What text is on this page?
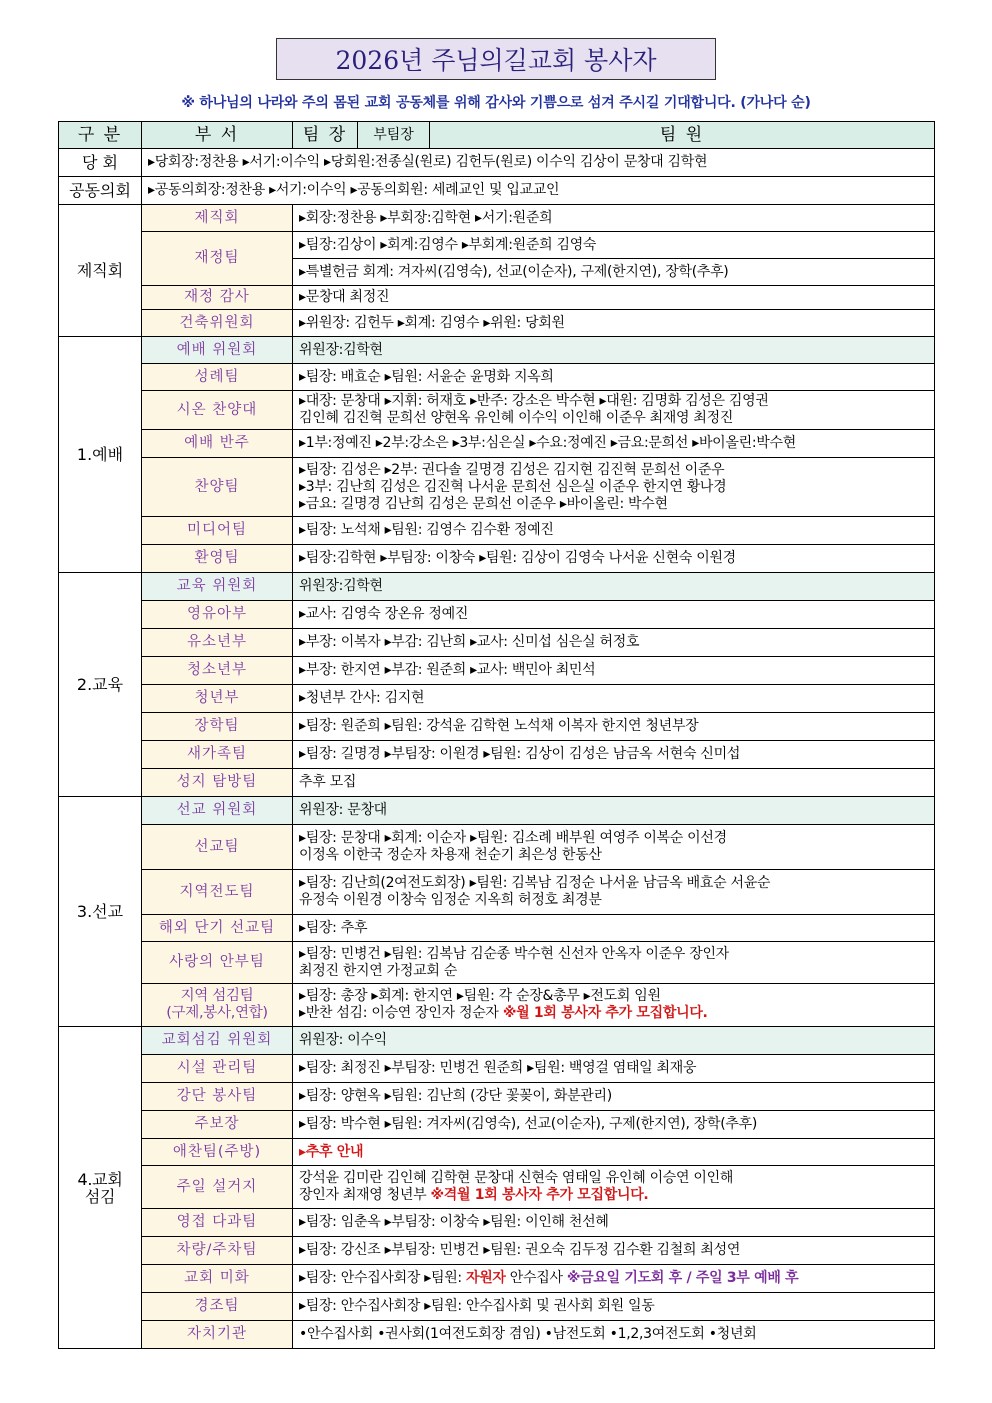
2026년 주님의길교회 봉사자
※ 하나님의 나라와 주의 몸된 교회 공동체를 위해 감사와 기쁨으로 섬겨 주시길 기대합니다. (가나다 순)
구 분	부 서	팀 장	부팀장	팀 원
당 회	▸당회장:정찬용 ▸서기:이수익 ▸당회원:전종실(원로) 김헌두(원로) 이수익 김상이 문창대 김학현			

공동의회	▸공동의회장:정찬용 ▸서기:이수익 ▸공동의회원: 세례교인 및 입교교인			

제직회	제직회	▸회장:정찬용 ▸부회장:김학현 ▸서기:원준희		

	재정팀	▸팀장:김상이 ▸회계:김영수 ▸부회계:원준희 김영숙		

		▸특별헌금 회계: 겨자씨(김영숙), 선교(이순자), 구제(한지연), 장학(추후)		

	재정 감사	▸문창대 최정진		

	건축위원회	▸위원장: 김헌두 ▸회계: 김영수 ▸위원: 당회원		

1.예배	예배 위원회	위원장:김학현		

	성례팀	▸팀장: 배효순 ▸팀원: 서윤순 윤명화 지옥희		

	시온 찬양대	▸대장: 문창대 ▸지휘: 허재호 ▸반주: 강소은 박수현 ▸대원: 김명화 김성은 김영권
김인혜 김진혁 문희선 양현옥 유인혜 이수익 이인해 이준우 최재영 최정진		

	예배 반주	▸1부:정예진 ▸2부:강소은 ▸3부:심은실 ▸수요:정예진 ▸금요:문희선 ▸바이올린:박수현		

	찬양팀	▸팀장: 김성은 ▸2부: 권다솔 길명경 김성은 김지현 김진혁 문희선 이준우
▸3부: 김난희 김성은 김진혁 나서윤 문희선 심은실 이준우 한지연 황나경
▸금요: 길명경 김난희 김성은 문희선 이준우 ▸바이올린: 박수현		

	미디어팀	▸팀장: 노석채 ▸팀원: 김영수 김수환 정예진		

	환영팀	▸팀장:김학현 ▸부팀장: 이창숙 ▸팀원: 김상이 김영숙 나서윤 신현숙 이원경		

2.교육	교육 위원회	위원장:김학현		

	영유아부	▸교사: 김영숙 장온유 정예진		

	유소년부	▸부장: 이복자 ▸부감: 김난희 ▸교사: 신미섭 심은실 허정호		

	청소년부	▸부장: 한지연 ▸부감: 원준희 ▸교사: 백민아 최민석		

	청년부	▸청년부 간사: 김지현		

	장학팀	▸팀장: 원준희 ▸팀원: 강석윤 김학현 노석채 이복자 한지연 청년부장		

	새가족팀	▸팀장: 길명경 ▸부팀장: 이원경 ▸팀원: 김상이 김성은 남금옥 서현숙 신미섭		

	성지 탐방팀	추후 모집		

3.선교	선교 위원회	위원장: 문창대		

	선교팀	▸팀장: 문창대 ▸회계: 이순자 ▸팀원: 김소례 배부원 여영주 이복순 이선경
이정옥 이한국 정순자 차용재 천순기 최은성 한동산		

	지역전도팀	▸팀장: 김난희(2여전도회장) ▸팀원: 김복남 김정순 나서윤 남금옥 배효순 서윤순
유정숙 이원경 이창숙 임정순 지옥희 허정호 최경분		

	해외 단기 선교팀	▸팀장: 추후		

	사랑의 안부팀	▸팀장: 민병건 ▸팀원: 김복남 김순종 박수현 신선자 안옥자 이준우 장인자
최정진 한지연 가정교회 순		

	지역 섬김팀
(구제,봉사,연합)	▸팀장: 총장 ▸회계: 한지연 ▸팀원: 각 순장&총무 ▸전도회 임원
▸반찬 섬김: 이승연 장인자 정순자 ※월 1회 봉사자 추가 모집합니다.		

4.교회
섬김	교회섬김 위원회	위원장: 이수익		

	시설 관리팀	▸팀장: 최정진 ▸부팀장: 민병건 원준희 ▸팀원: 백영걸 염태일 최재웅		

	강단 봉사팀	▸팀장: 양현옥 ▸팀원: 김난희 (강단 꽃꽂이, 화분관리)		

	주보장	▸팀장: 박수현 ▸팀원: 겨자씨(김영숙), 선교(이순자), 구제(한지연), 장학(추후)		

	애찬팀(주방)	▸추후 안내		

	주일 설거지	강석윤 김미란 김인혜 김학현 문창대 신현숙 염태일 유인혜 이승연 이인해
장인자 최재영 청년부 ※격월 1회 봉사자 추가 모집합니다.		

	영접 다과팀	▸팀장: 임춘옥 ▸부팀장: 이창숙 ▸팀원: 이인해 천선혜		

	차량/주차팀	▸팀장: 강신조 ▸부팀장: 민병건 ▸팀원: 권오숙 김두정 김수환 김철희 최성연		

	교회 미화	▸팀장: 안수집사회장 ▸팀원: 자원자 안수집사 ※금요일 기도회 후 / 주일 3부 예배 후		

	경조팀	▸팀장: 안수집사회장 ▸팀원: 안수집사회 및 권사회 회원 일동		

	자치기관	•안수집사회 •권사회(1여전도회장 겸임) •남전도회 •1,2,3여전도회 •청년회		
